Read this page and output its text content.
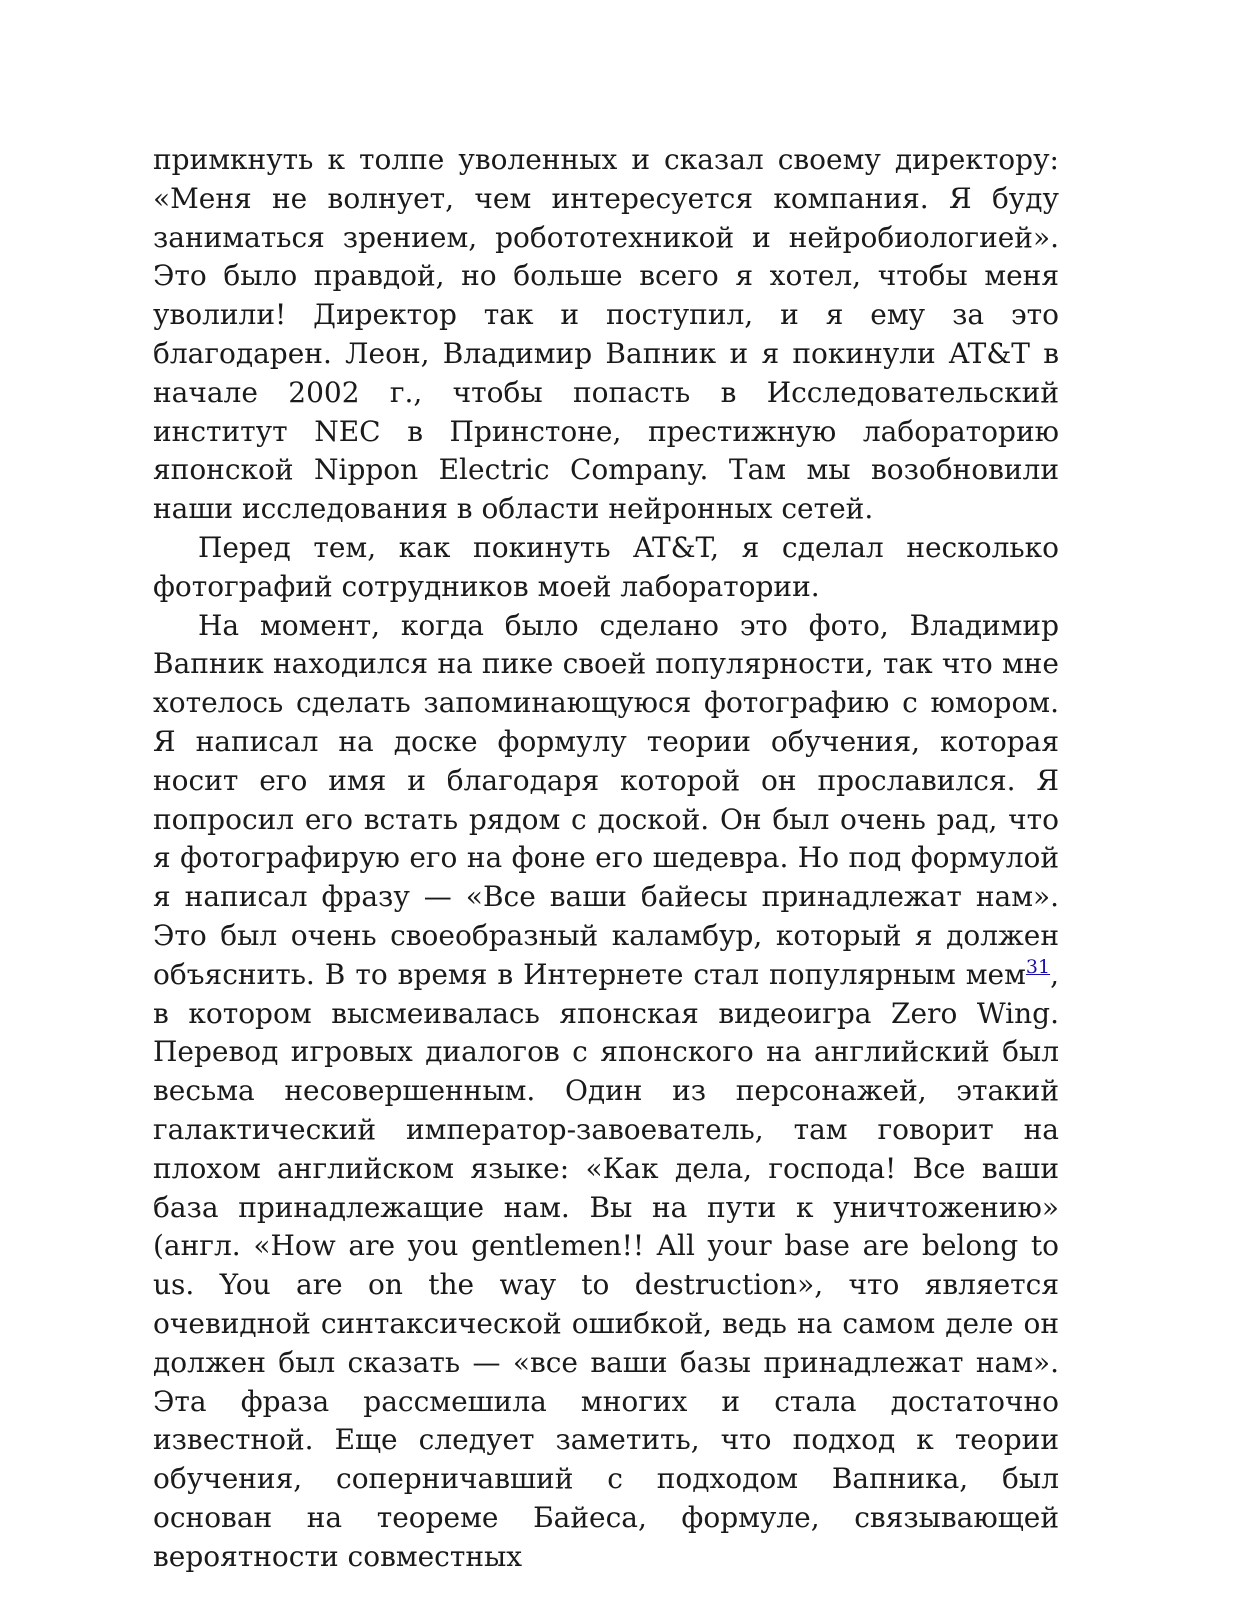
примкнуть к толпе уволенных и сказал своему директору: «Меня не волнует, чем интересуется компания. Я буду заниматься зрением, робототехникой и нейробиологией». Это было правдой, но больше всего я хотел, чтобы меня уволили! Директор так и поступил, и я ему за это благодарен. Леон, Владимир Вапник и я покинули AT&T в начале 2002 г., чтобы попасть в Исследовательский институт NEC в Принстоне, престижную лабораторию японской Nippon Electric Company. Там мы возобновили наши исследования в области нейронных сетей.

Перед тем, как покинуть AT&T, я сделал несколько фотографий сотрудников моей лаборатории.

На момент, когда было сделано это фото, Владимир Вапник находился на пике своей популярности, так что мне хотелось сделать запоминающуюся фотографию с юмором. Я написал на доске формулу теории обучения, которая носит его имя и благодаря которой он прославился. Я попросил его встать рядом с доской. Он был очень рад, что я фотографирую его на фоне его шедевра. Но под формулой я написал фразу — «Все ваши байесы принадлежат нам». Это был очень своеобразный каламбур, который я должен объяснить. В то время в Интернете стал популярным мем$^{31}$, в котором высмеивалась японская видеоигра Zero Wing. Перевод игровых диалогов с японского на английский был весьма несовершенным. Один из персонажей, этакий галактический император-завоеватель, там говорит на плохом английском языке: «Как дела, господа! Все ваши база принадлежащие нам. Вы на пути к уничтожению» (англ. «How are you gentlemen!! All your base are belong to us. You are on the way to destruction», что является очевидной синтаксической ошибкой, ведь на самом деле он должен был сказать — «все ваши базы принадлежат нам». Эта фраза рассмешила многих и стала достаточно известной. Еще следует заметить, что подход к теории обучения, соперничавший с подходом Вапника, был основан на теореме Байеса, формуле, связывающей вероятности совместных
